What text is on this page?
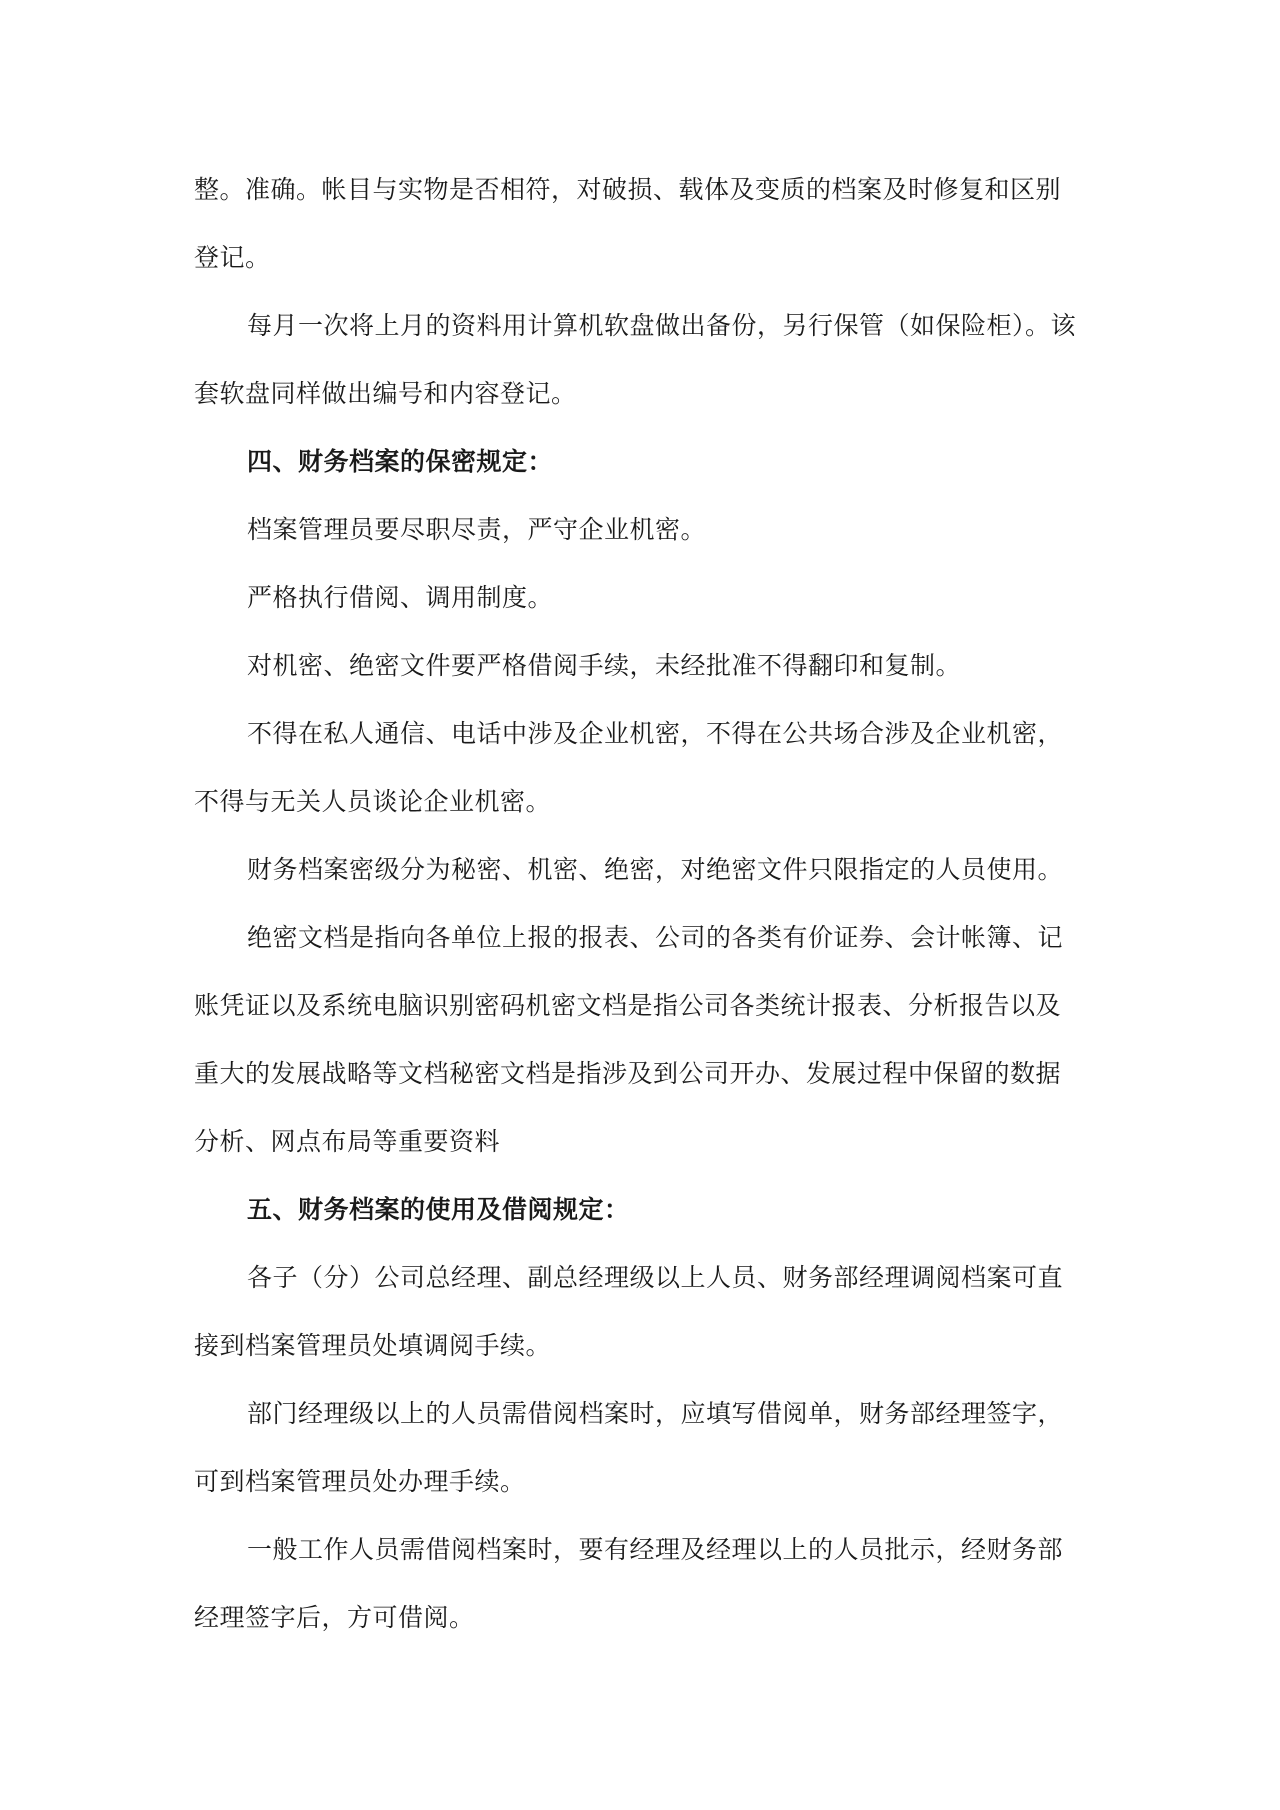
整。准确。帐目与实物是否相符，对破损、载体及变质的档案及时修复和区别

登记。

每月一次将上月的资料用计算机软盘做出备份，另行保管（如保险柜）。该

套软盘同样做出编号和内容登记。

四、财务档案的保密规定：

档案管理员要尽职尽责，严守企业机密。

严格执行借阅、调用制度。

对机密、绝密文件要严格借阅手续，未经批准不得翻印和复制。

不得在私人通信、电话中涉及企业机密，不得在公共场合涉及企业机密，

不得与无关人员谈论企业机密。

财务档案密级分为秘密、机密、绝密，对绝密文件只限指定的人员使用。

绝密文档是指向各单位上报的报表、公司的各类有价证券、会计帐簿、记

账凭证以及系统电脑识别密码机密文档是指公司各类统计报表、分析报告以及

重大的发展战略等文档秘密文档是指涉及到公司开办、发展过程中保留的数据

分析、网点布局等重要资料

五、财务档案的使用及借阅规定：

各子（分）公司总经理、副总经理级以上人员、财务部经理调阅档案可直

接到档案管理员处填调阅手续。

部门经理级以上的人员需借阅档案时，应填写借阅单，财务部经理签字，

可到档案管理员处办理手续。

一般工作人员需借阅档案时，要有经理及经理以上的人员批示，经财务部

经理签字后，方可借阅。
